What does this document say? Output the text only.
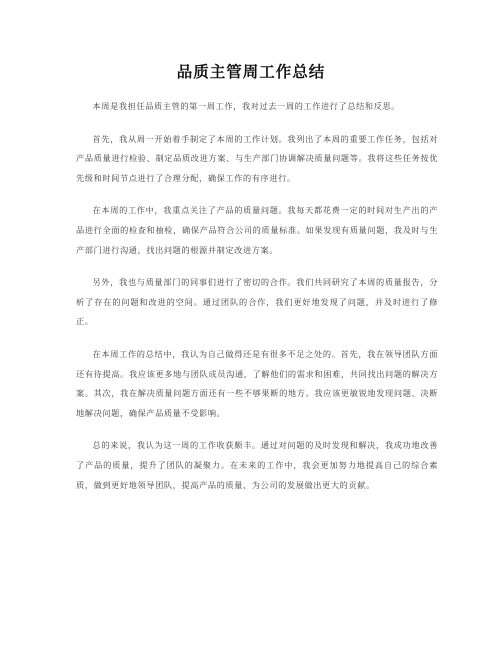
品质主管周工作总结

本周是我担任品质主管的第一周工作，我对过去一周的工作进行了总结和反思。

首先，我从周一开始着手制定了本周的工作计划。我列出了本周的重要工作任务，包括对产品质量进行检验、制定品质改进方案、与生产部门协调解决质量问题等。我将这些任务按优先级和时间节点进行了合理分配，确保工作的有序进行。

在本周的工作中，我重点关注了产品的质量问题。我每天都花费一定的时间对生产出的产品进行全面的检查和抽检，确保产品符合公司的质量标准。如果发现有质量问题，我及时与生产部门进行沟通，找出问题的根源并制定改进方案。

另外，我也与质量部门的同事们进行了密切的合作。我们共同研究了本周的质量报告，分析了存在的问题和改进的空间。通过团队的合作，我们更好地发现了问题，并及时进行了修正。

在本周工作的总结中，我认为自己做得还是有很多不足之处的。首先，我在领导团队方面还有待提高。我应该更多地与团队成员沟通，了解他们的需求和困难，共同找出问题的解决方案。其次，我在解决质量问题方面还有一些不够果断的地方。我应该更敏锐地发现问题、决断地解决问题，确保产品质量不受影响。

总的来说，我认为这一周的工作收获颇丰。通过对问题的及时发现和解决，我成功地改善了产品的质量，提升了团队的凝聚力。在未来的工作中，我会更加努力地提高自己的综合素质，做到更好地领导团队，提高产品的质量，为公司的发展做出更大的贡献。
